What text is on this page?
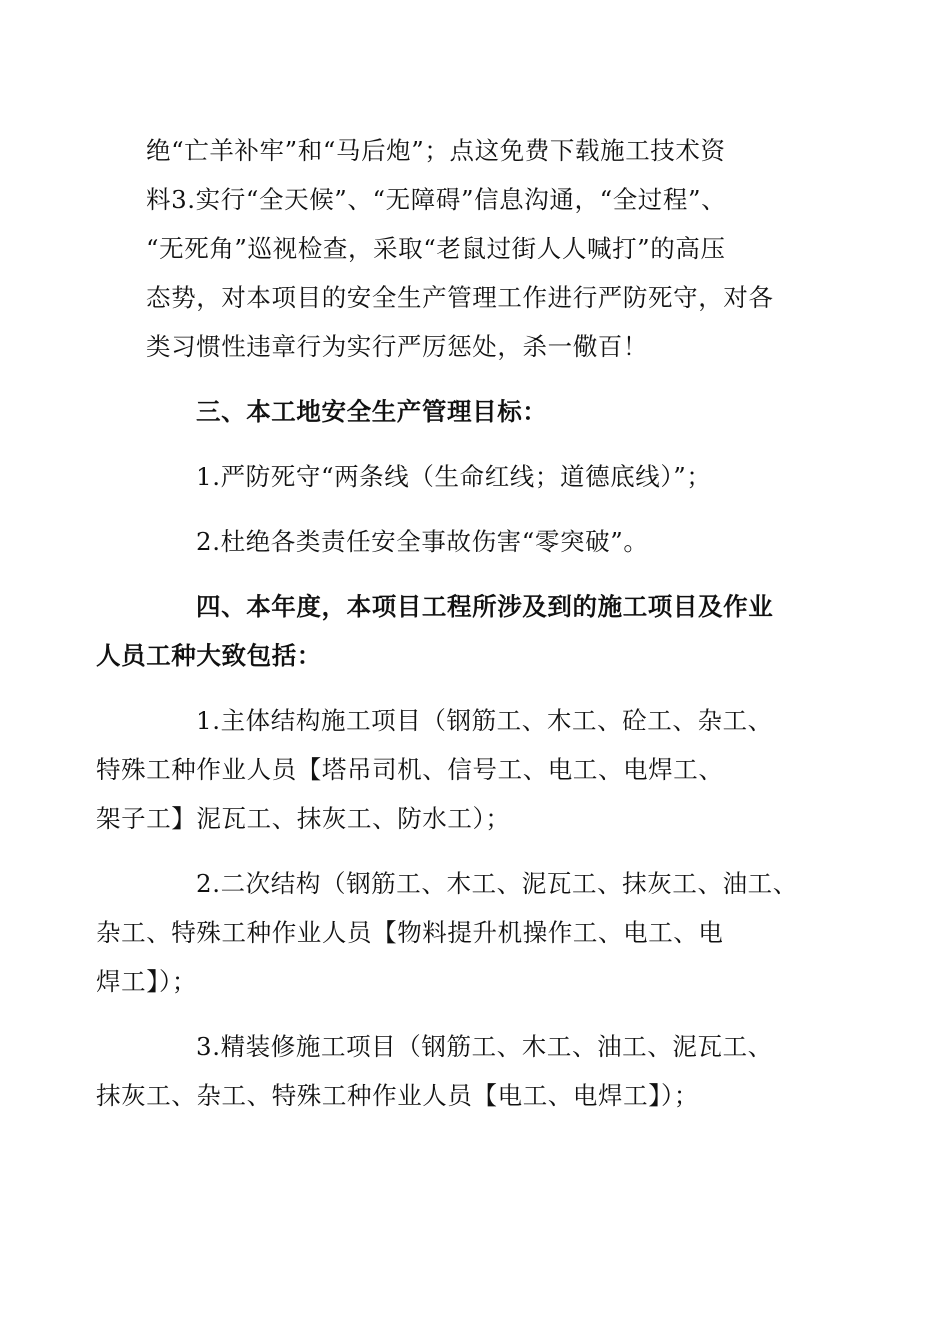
绝“亡羊补牢”和“马后炮”；点这免费下载施工技术资
料3.实行“全天候”、“无障碍”信息沟通，“全过程”、
“无死角”巡视检查，采取“老鼠过街人人喊打”的高压
态势，对本项目的安全生产管理工作进行严防死守，对各
类习惯性违章行为实行严厉惩处，杀一儆百！

三、本工地安全生产管理目标：

1.严防死守“两条线（生命红线；道德底线）”；

2.杜绝各类责任安全事故伤害“零突破”。

四、本年度，本项目工程所涉及到的施工项目及作业
人员工种大致包括：

1.主体结构施工项目（钢筋工、木工、砼工、杂工、
特殊工种作业人员【塔吊司机、信号工、电工、电焊工、
架子工】泥瓦工、抹灰工、防水工）；

2.二次结构（钢筋工、木工、泥瓦工、抹灰工、油工、
杂工、特殊工种作业人员【物料提升机操作工、电工、电
焊工】）；

3.精装修施工项目（钢筋工、木工、油工、泥瓦工、
抹灰工、杂工、特殊工种作业人员【电工、电焊工】）；
